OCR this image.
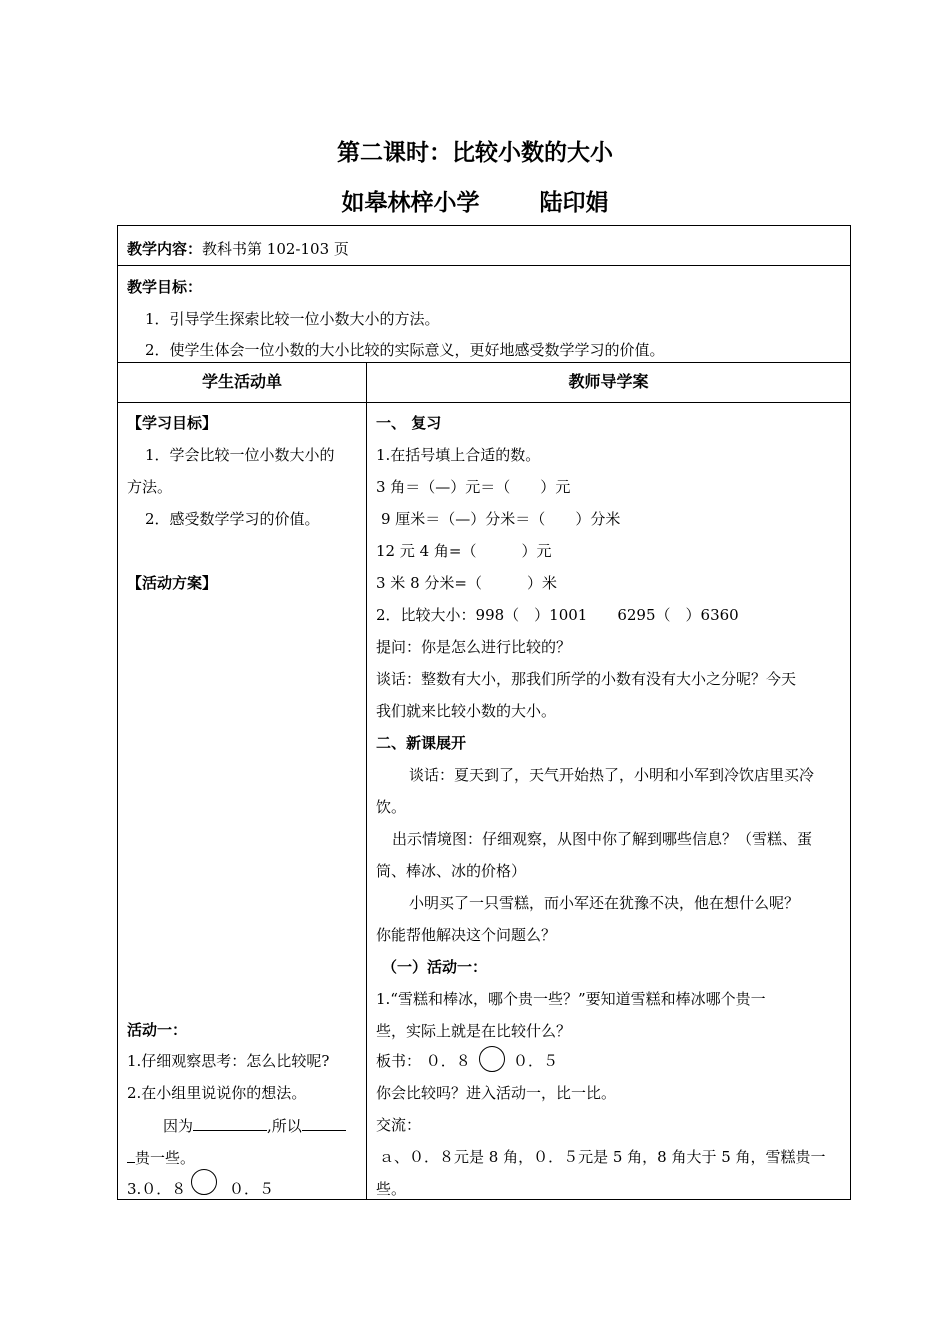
第二课时：比较小数的大小
如皋林梓小学	陆印娟
教学内容：教科书第 102-103 页
教学目标：
1．引导学生探索比较一位小数大小的方法。
2．使学生体会一位小数的大小比较的实际意义，更好地感受数学学习的价值。
学生活动单	教师导学案
【学习目标】
1．学会比较一位小数大小的
方法。
2．感受数学学习的价值。
【活动方案】
活动一：
1.仔细观察思考：怎么比较呢?
2.在小组里说说你的想法。
因为	,所以
贵一些。
3.０．８	０．５
一、 复习
1.在括号填上合适的数。
3 角＝（—）元＝（　　）元
9 厘米＝（—）分米＝（　　）分米
12 元 4 角=（　　　）元
3 米 8 分米=（　　　）米
2．比较大小：998（　）1001　　6295（　）6360
提问：你是怎么进行比较的？
谈话：整数有大小，那我们所学的小数有没有大小之分呢？今天
我们就来比较小数的大小。
二、新课展开
谈话：夏天到了，天气开始热了，小明和小军到冷饮店里买冷
饮。
出示情境图：仔细观察，从图中你了解到哪些信息？（雪糕、蛋
筒、棒冰、冰的价格）
小明买了一只雪糕，而小军还在犹豫不决，他在想什么呢？
你能帮他解决这个问题么？
（一）活动一：
1.“雪糕和棒冰，哪个贵一些？”要知道雪糕和棒冰哪个贵一
些，实际上就是在比较什么？
板书： ０．８	０．５
你会比较吗？进入活动一，比一比。
交流：
ａ、０．８元是 8 角，０．５元是 5 角，8 角大于 5 角，雪糕贵一
些。
